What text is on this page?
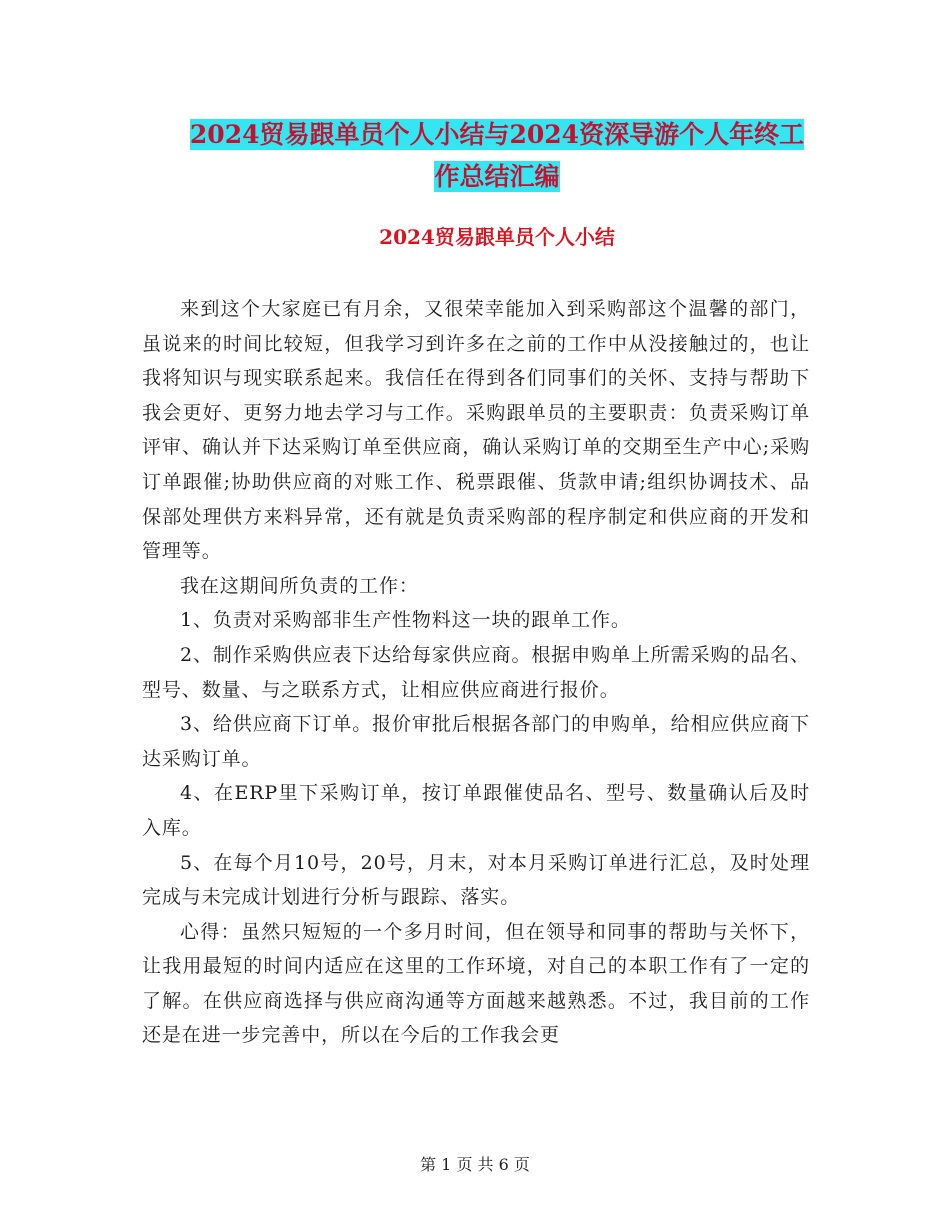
2024贸易跟单员个人小结与2024资深导游个人年终工
作总结汇编
2024贸易跟单员个人小结

来到这个大家庭已有月余，又很荣幸能加入到采购部这个温馨的部门，虽说来的时间比较短，但我学习到许多在之前的工作中从没接触过的，也让我将知识与现实联系起来。我信任在得到各们同事们的关怀、支持与帮助下我会更好、更努力地去学习与工作。采购跟单员的主要职责：负责采购订单评审、确认并下达采购订单至供应商，确认采购订单的交期至生产中心;采购订单跟催;协助供应商的对账工作、税票跟催、货款申请;组织协调技术、品保部处理供方来料异常，还有就是负责采购部的程序制定和供应商的开发和管理等。

我在这期间所负责的工作：

1、负责对采购部非生产性物料这一块的跟单工作。

2、制作采购供应表下达给每家供应商。根据申购单上所需采购的品名、型号、数量、与之联系方式，让相应供应商进行报价。

3、给供应商下订单。报价审批后根据各部门的申购单，给相应供应商下达采购订单。

4、在ERP里下采购订单，按订单跟催使品名、型号、数量确认后及时入库。

5、在每个月10号，20号，月末，对本月采购订单进行汇总，及时处理完成与未完成计划进行分析与跟踪、落实。

心得：虽然只短短的一个多月时间，但在领导和同事的帮助与关怀下，让我用最短的时间内适应在这里的工作环境，对自己的本职工作有了一定的了解。在供应商选择与供应商沟通等方面越来越熟悉。不过，我目前的工作还是在进一步完善中，所以在今后的工作我会更

第 1 页 共 6 页
